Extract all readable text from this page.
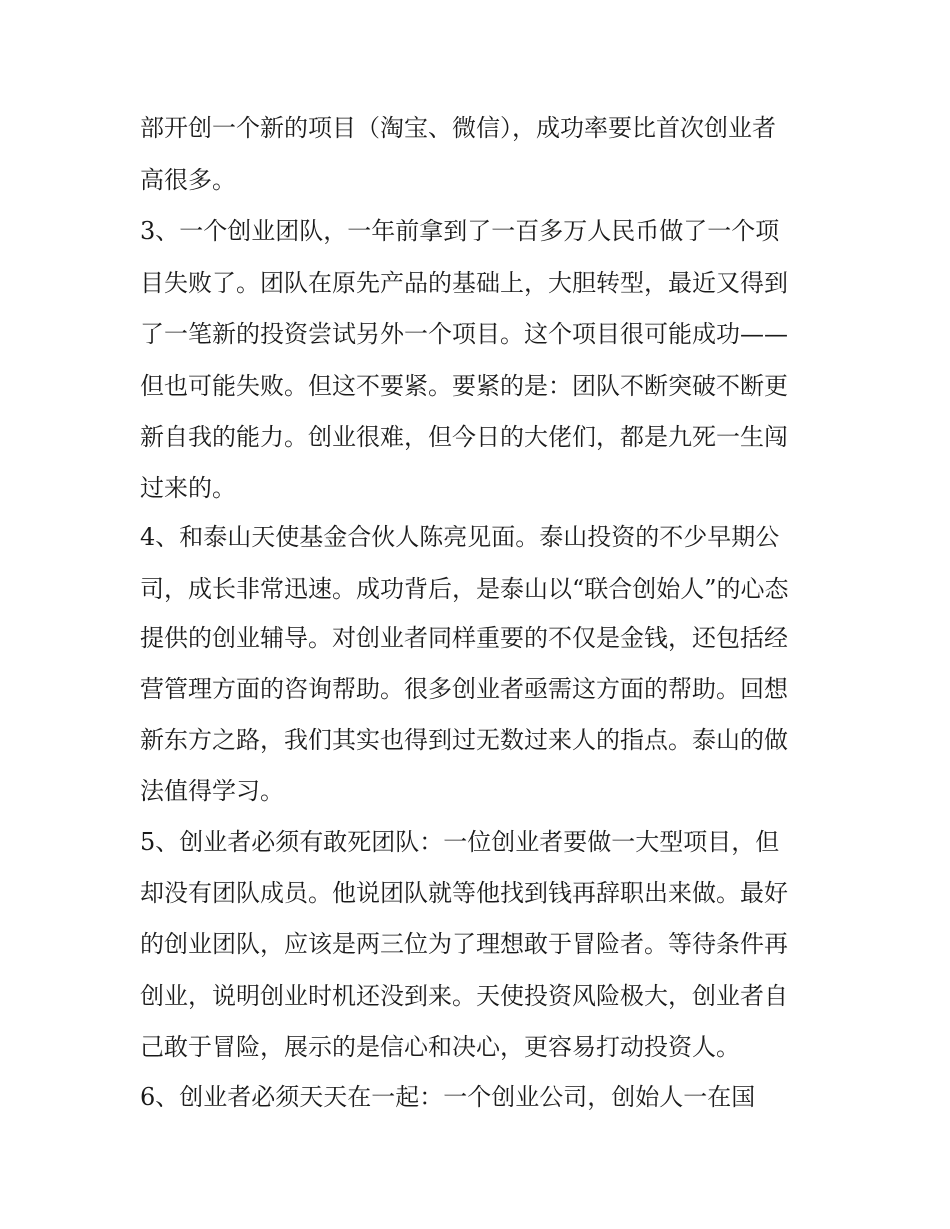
部开创一个新的项目（淘宝、微信），成功率要比首次创业者
高很多。
3、一个创业团队，一年前拿到了一百多万人民币做了一个项
目失败了。团队在原先产品的基础上，大胆转型，最近又得到
了一笔新的投资尝试另外一个项目。这个项目很可能成功——
但也可能失败。但这不要紧。要紧的是：团队不断突破不断更
新自我的能力。创业很难，但今日的大佬们，都是九死一生闯
过来的。
4、和泰山天使基金合伙人陈亮见面。泰山投资的不少早期公
司，成长非常迅速。成功背后，是泰山以“联合创始人”的心态
提供的创业辅导。对创业者同样重要的不仅是金钱，还包括经
营管理方面的咨询帮助。很多创业者亟需这方面的帮助。回想
新东方之路，我们其实也得到过无数过来人的指点。泰山的做
法值得学习。
5、创业者必须有敢死团队：一位创业者要做一大型项目，但
却没有团队成员。他说团队就等他找到钱再辞职出来做。最好
的创业团队，应该是两三位为了理想敢于冒险者。等待条件再
创业，说明创业时机还没到来。天使投资风险极大，创业者自
己敢于冒险，展示的是信心和决心，更容易打动投资人。
6、创业者必须天天在一起：一个创业公司，创始人一在国
